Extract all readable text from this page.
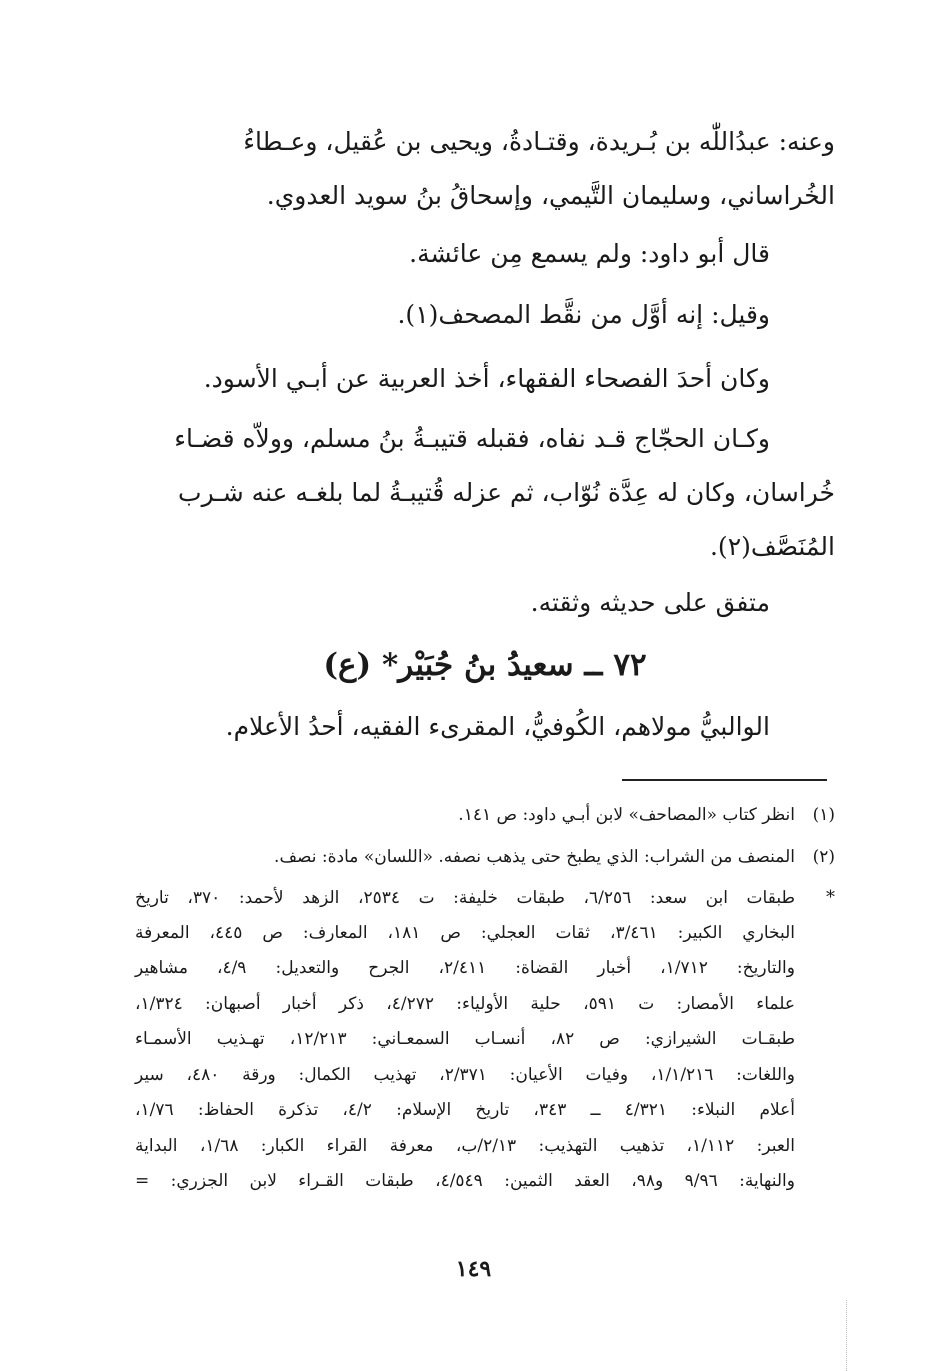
وعنه: عبدُاللّٰه بن بُـريدة، وقتـادةُ، ويحيى بن عُقيل، وعـطاءُ
الخُراساني، وسليمان التَّيمي، وإسحاقُ بنُ سويد العدوي.
قال أبو داود: ولم يسمع مِن عائشة.
وقيل: إنه أوَّل من نقَّط المصحف(١).
وكان أحدَ الفصحاء الفقهاء، أخذ العربية عن أبـي الأسود.
وكـان الحجّاج قـد نفاه، فقبله قتيبـةُ بنُ مسلم، وولاّه قضـاء
خُراسان، وكان له عِدَّة نُوّاب، ثم عزله قُتيبـةُ لما بلغـه عنه شـرب
المُنَصَّف(٢).
متفق على حديثه وثقته.
٧٢ ــ سعيدُ بنُ جُبَيْر* (ع)
الوالبيُّ مولاهم، الكُوفيُّ، المقرىء الفقيه، أحدُ الأعلام.
(١)انظر كتاب «المصاحف» لابن أبـي داود: ص ١٤١.
(٢)المنصف من الشراب: الذي يطبخ حتى يذهب نصفه. «اللسان» مادة: نصف.
*طبقات ابن سعد: ٦/٢٥٦، طبقات خليفة: ت ٢٥٣٤، الزهد لأحمد: ٣٧٠، تاريخ
البخاري الكبير: ٣/٤٦١، ثقات العجلي: ص ١٨١، المعارف: ص ٤٤٥، المعرفة
والتاريخ: ١/٧١٢، أخبار القضاة: ٢/٤١١، الجرح والتعديل: ٤/٩، مشاهير
علماء الأمصار: ت ٥٩١، حلية الأولياء: ٤/٢٧٢، ذكر أخبار أصبهان: ١/٣٢٤،
طبقـات الشيرازي: ص ٨٢، أنسـاب السمعـاني: ١٢/٢١٣، تهـذيب الأسمـاء
واللغات: ١/١/٢١٦، وفيات الأعيان: ٢/٣٧١، تهذيب الكمال: ورقة ٤٨٠، سير
أعلام النبلاء: ٤/٣٢١ ــ ٣٤٣، تاريخ الإسلام: ٤/٢، تذكرة الحفاظ: ١/٧٦،
العبر: ١/١١٢، تذهيب التهذيب: ٢/١٣/ب، معرفة القراء الكبار: ١/٦٨، البداية
والنهاية: ٩/٩٦ و٩٨، العقد الثمين: ٤/٥٤٩، طبقات القـراء لابن الجزري: =
١٤٩
